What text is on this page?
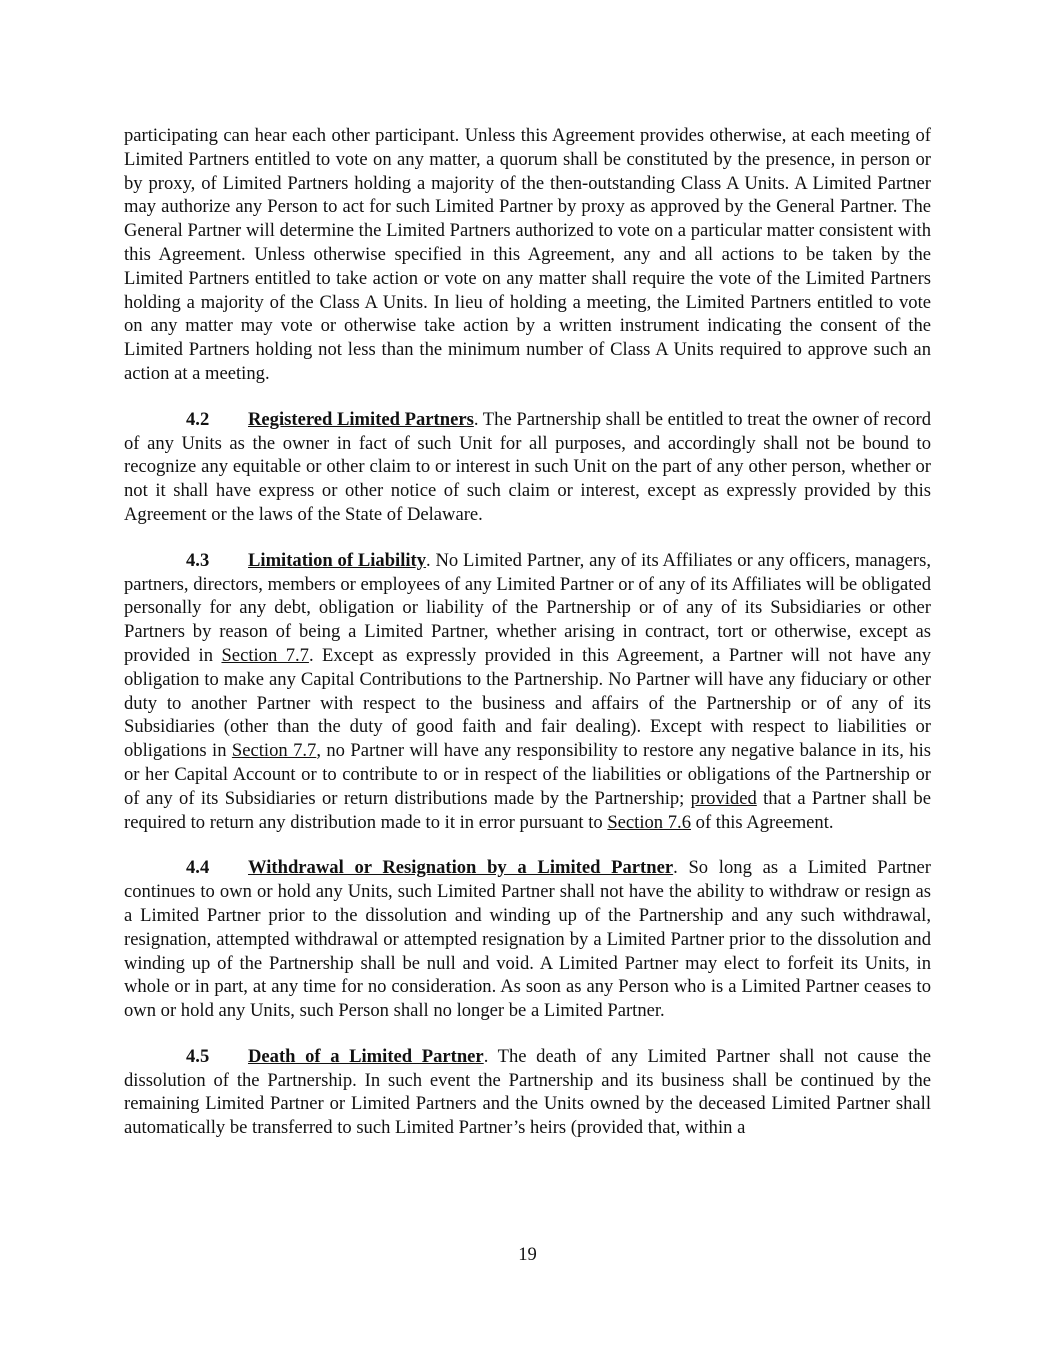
participating can hear each other participant. Unless this Agreement provides otherwise, at each meeting of Limited Partners entitled to vote on any matter, a quorum shall be constituted by the presence, in person or by proxy, of Limited Partners holding a majority of the then-outstanding Class A Units. A Limited Partner may authorize any Person to act for such Limited Partner by proxy as approved by the General Partner. The General Partner will determine the Limited Partners authorized to vote on a particular matter consistent with this Agreement. Unless otherwise specified in this Agreement, any and all actions to be taken by the Limited Partners entitled to take action or vote on any matter shall require the vote of the Limited Partners holding a majority of the Class A Units. In lieu of holding a meeting, the Limited Partners entitled to vote on any matter may vote or otherwise take action by a written instrument indicating the consent of the Limited Partners holding not less than the minimum number of Class A Units required to approve such an action at a meeting.

4.2 Registered Limited Partners. The Partnership shall be entitled to treat the owner of record of any Units as the owner in fact of such Unit for all purposes, and accordingly shall not be bound to recognize any equitable or other claim to or interest in such Unit on the part of any other person, whether or not it shall have express or other notice of such claim or interest, except as expressly provided by this Agreement or the laws of the State of Delaware.

4.3 Limitation of Liability. No Limited Partner, any of its Affiliates or any officers, managers, partners, directors, members or employees of any Limited Partner or of any of its Affiliates will be obligated personally for any debt, obligation or liability of the Partnership or of any of its Subsidiaries or other Partners by reason of being a Limited Partner, whether arising in contract, tort or otherwise, except as provided in Section 7.7. Except as expressly provided in this Agreement, a Partner will not have any obligation to make any Capital Contributions to the Partnership. No Partner will have any fiduciary or other duty to another Partner with respect to the business and affairs of the Partnership or of any of its Subsidiaries (other than the duty of good faith and fair dealing). Except with respect to liabilities or obligations in Section 7.7, no Partner will have any responsibility to restore any negative balance in its, his or her Capital Account or to contribute to or in respect of the liabilities or obligations of the Partnership or of any of its Subsidiaries or return distributions made by the Partnership; provided that a Partner shall be required to return any distribution made to it in error pursuant to Section 7.6 of this Agreement.

4.4 Withdrawal or Resignation by a Limited Partner. So long as a Limited Partner continues to own or hold any Units, such Limited Partner shall not have the ability to withdraw or resign as a Limited Partner prior to the dissolution and winding up of the Partnership and any such withdrawal, resignation, attempted withdrawal or attempted resignation by a Limited Partner prior to the dissolution and winding up of the Partnership shall be null and void. A Limited Partner may elect to forfeit its Units, in whole or in part, at any time for no consideration. As soon as any Person who is a Limited Partner ceases to own or hold any Units, such Person shall no longer be a Limited Partner.

4.5 Death of a Limited Partner. The death of any Limited Partner shall not cause the dissolution of the Partnership. In such event the Partnership and its business shall be continued by the remaining Limited Partner or Limited Partners and the Units owned by the deceased Limited Partner shall automatically be transferred to such Limited Partner’s heirs (provided that, within a

19
